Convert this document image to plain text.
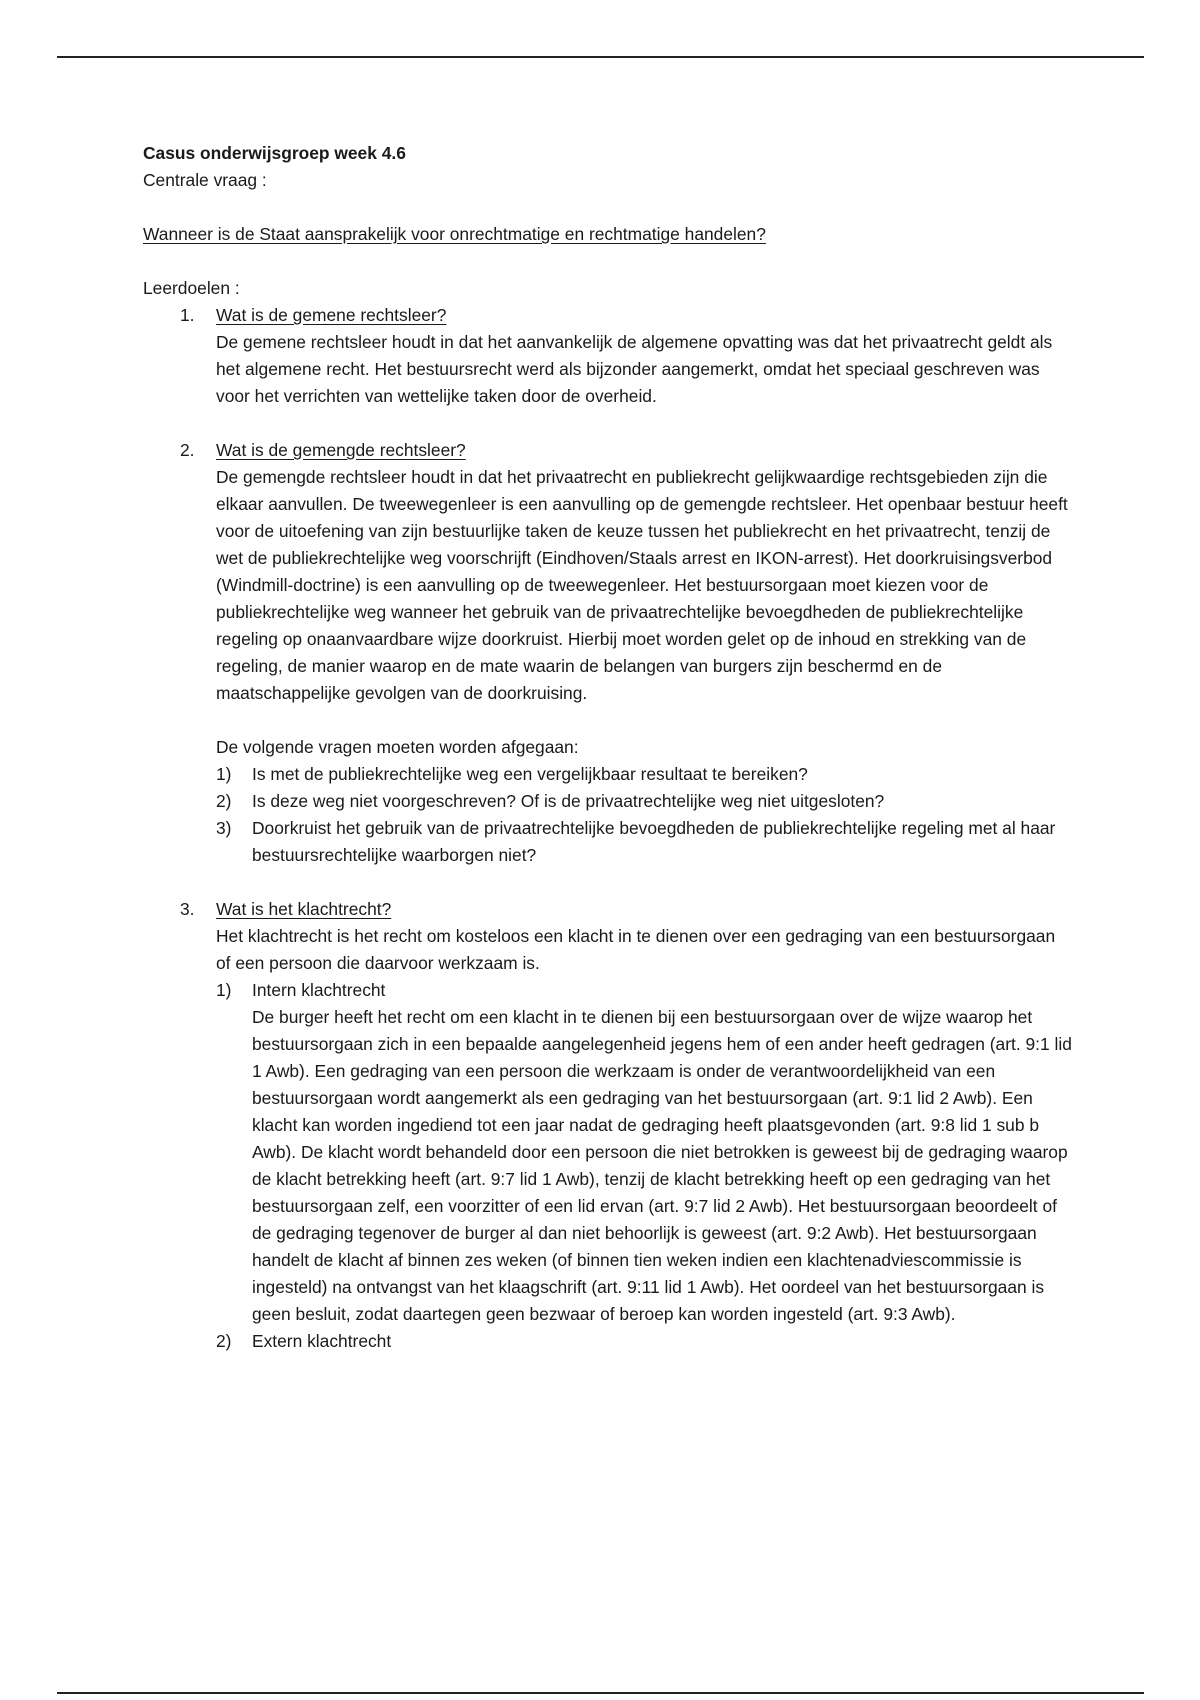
Casus onderwijsgroep week 4.6

Centrale vraag :

Wanneer is de Staat aansprakelijk voor onrechtmatige en rechtmatige handelen?

Leerdoelen :

1. Wat is de gemene rechtsleer?

De gemene rechtsleer houdt in dat het aanvankelijk de algemene opvatting was dat het privaatrecht geldt als het algemene recht. Het bestuursrecht werd als bijzonder aangemerkt, omdat het speciaal geschreven was voor het verrichten van wettelijke taken door de overheid.

2. Wat is de gemengde rechtsleer?

De gemengde rechtsleer houdt in dat het privaatrecht en publiekrecht gelijkwaardige rechtsgebieden zijn die elkaar aanvullen. De tweewegenleer is een aanvulling op de gemengde rechtsleer. Het openbaar bestuur heeft voor de uitoefening van zijn bestuurlijke taken de keuze tussen het publiekrecht en het privaatrecht, tenzij de wet de publiekrechtelijke weg voorschrijft (Eindhoven/Staals arrest en IKON-arrest). Het doorkruisingsverbod (Windmill-doctrine) is een aanvulling op de tweewegenleer. Het bestuursorgaan moet kiezen voor de publiekrechtelijke weg wanneer het gebruik van de privaatrechtelijke bevoegdheden de publiekrechtelijke regeling op onaanvaardbare wijze doorkruist. Hierbij moet worden gelet op de inhoud en strekking van de regeling, de manier waarop en de mate waarin de belangen van burgers zijn beschermd en de maatschappelijke gevolgen van de doorkruising.

De volgende vragen moeten worden afgegaan:

1) Is met de publiekrechtelijke weg een vergelijkbaar resultaat te bereiken?

2) Is deze weg niet voorgeschreven? Of is de privaatrechtelijke weg niet uitgesloten?

3) Doorkruist het gebruik van de privaatrechtelijke bevoegdheden de publiekrechtelijke regeling met al haar bestuursrechtelijke waarborgen niet?

3. Wat is het klachtrecht?

Het klachtrecht is het recht om kosteloos een klacht in te dienen over een gedraging van een bestuursorgaan of een persoon die daarvoor werkzaam is.

1) Intern klachtrecht

De burger heeft het recht om een klacht in te dienen bij een bestuursorgaan over de wijze waarop het bestuursorgaan zich in een bepaalde aangelegenheid jegens hem of een ander heeft gedragen (art. 9:1 lid 1 Awb). Een gedraging van een persoon die werkzaam is onder de verantwoordelijkheid van een bestuursorgaan wordt aangemerkt als een gedraging van het bestuursorgaan (art. 9:1 lid 2 Awb). Een klacht kan worden ingediend tot een jaar nadat de gedraging heeft plaatsgevonden (art. 9:8 lid 1 sub b Awb). De klacht wordt behandeld door een persoon die niet betrokken is geweest bij de gedraging waarop de klacht betrekking heeft (art. 9:7 lid 1 Awb), tenzij de klacht betrekking heeft op een gedraging van het bestuursorgaan zelf, een voorzitter of een lid ervan (art. 9:7 lid 2 Awb). Het bestuursorgaan beoordeelt of de gedraging tegenover de burger al dan niet behoorlijk is geweest (art. 9:2 Awb). Het bestuursorgaan handelt de klacht af binnen zes weken (of binnen tien weken indien een klachtenadviescommissie is ingesteld) na ontvangst van het klaagschrift (art. 9:11 lid 1 Awb). Het oordeel van het bestuursorgaan is geen besluit, zodat daartegen geen bezwaar of beroep kan worden ingesteld (art. 9:3 Awb).

2) Extern klachtrecht
